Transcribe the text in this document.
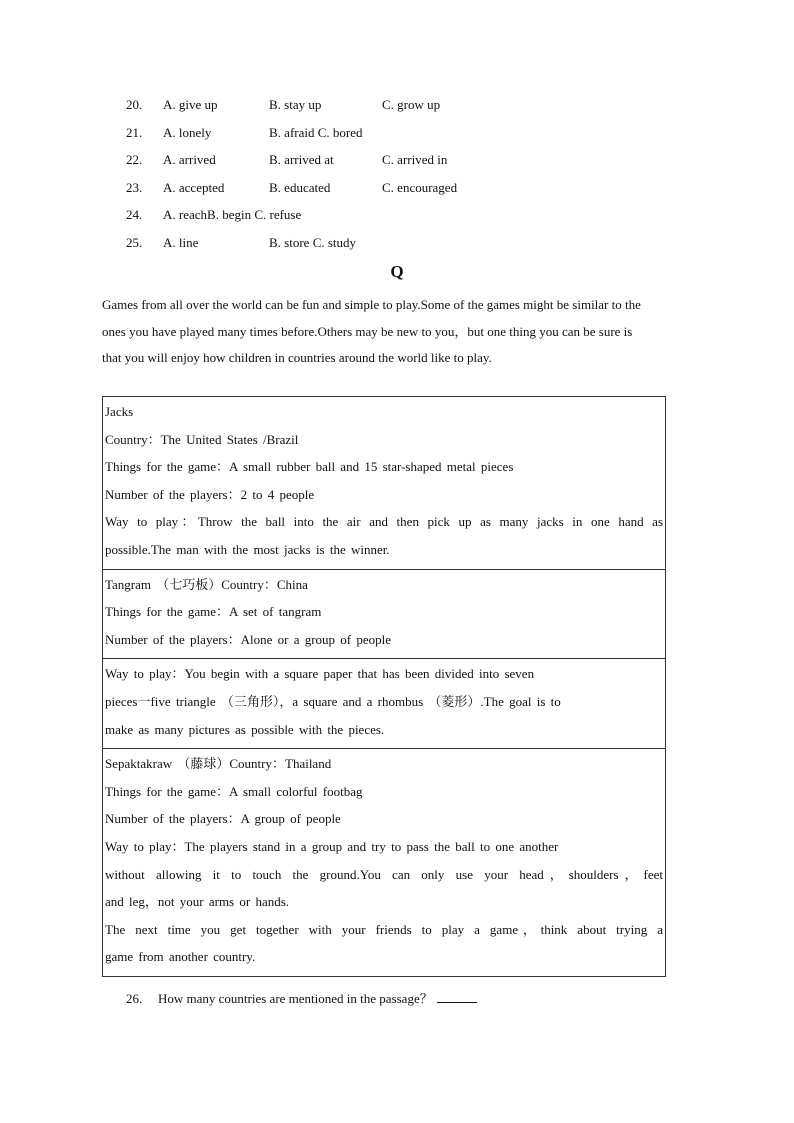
20. A. give up	B. stay up	C. grow up
21. A. lonely	B. afraid C. bored
22. A. arrived	B. arrived at	C. arrived in
23. A. accepted	B. educated	C. encouraged
24. A. reachB. begin C. refuse
25. A. line	B. store C. study
Q

Games from all over the world can be fun and simple to play.Some of the games might be similar to the

ones you have played many times before.Others may be new to you，but one thing you can be sure is

that you will enjoy how children in countries around the world like to play.

Jacks
Country：The United States /Brazil
Things for the game：A small rubber ball and 15 star-shaped metal pieces
Number of the players：2 to 4 people
Way to play：Throw the ball into the air and then pick up as many jacks in one hand as
possible.The man with the most jacks is the winner.

Tangram （七巧板）Country：China
Things for the game：A set of tangram
Number of the players：Alone or a group of people

Way to play：You begin with a square paper that has been divided into seven
pieces一five triangle （三角形），a square and a rhombus （菱形）.The goal is to
make as many pictures as possible with the pieces.

Sepaktakraw （藤球）Country：Thailand
Things for the game：A small colorful footbag
Number of the players：A group of people
Way to play：The players stand in a group and try to pass the ball to one another
without allowing it to touch the ground.You can only use your head，shoulders，feet
and leg，not your arms or hands.
The next time you get together with your friends to play a game，think about trying a
game from another country.
26. How many countries are mentioned in the passage？
